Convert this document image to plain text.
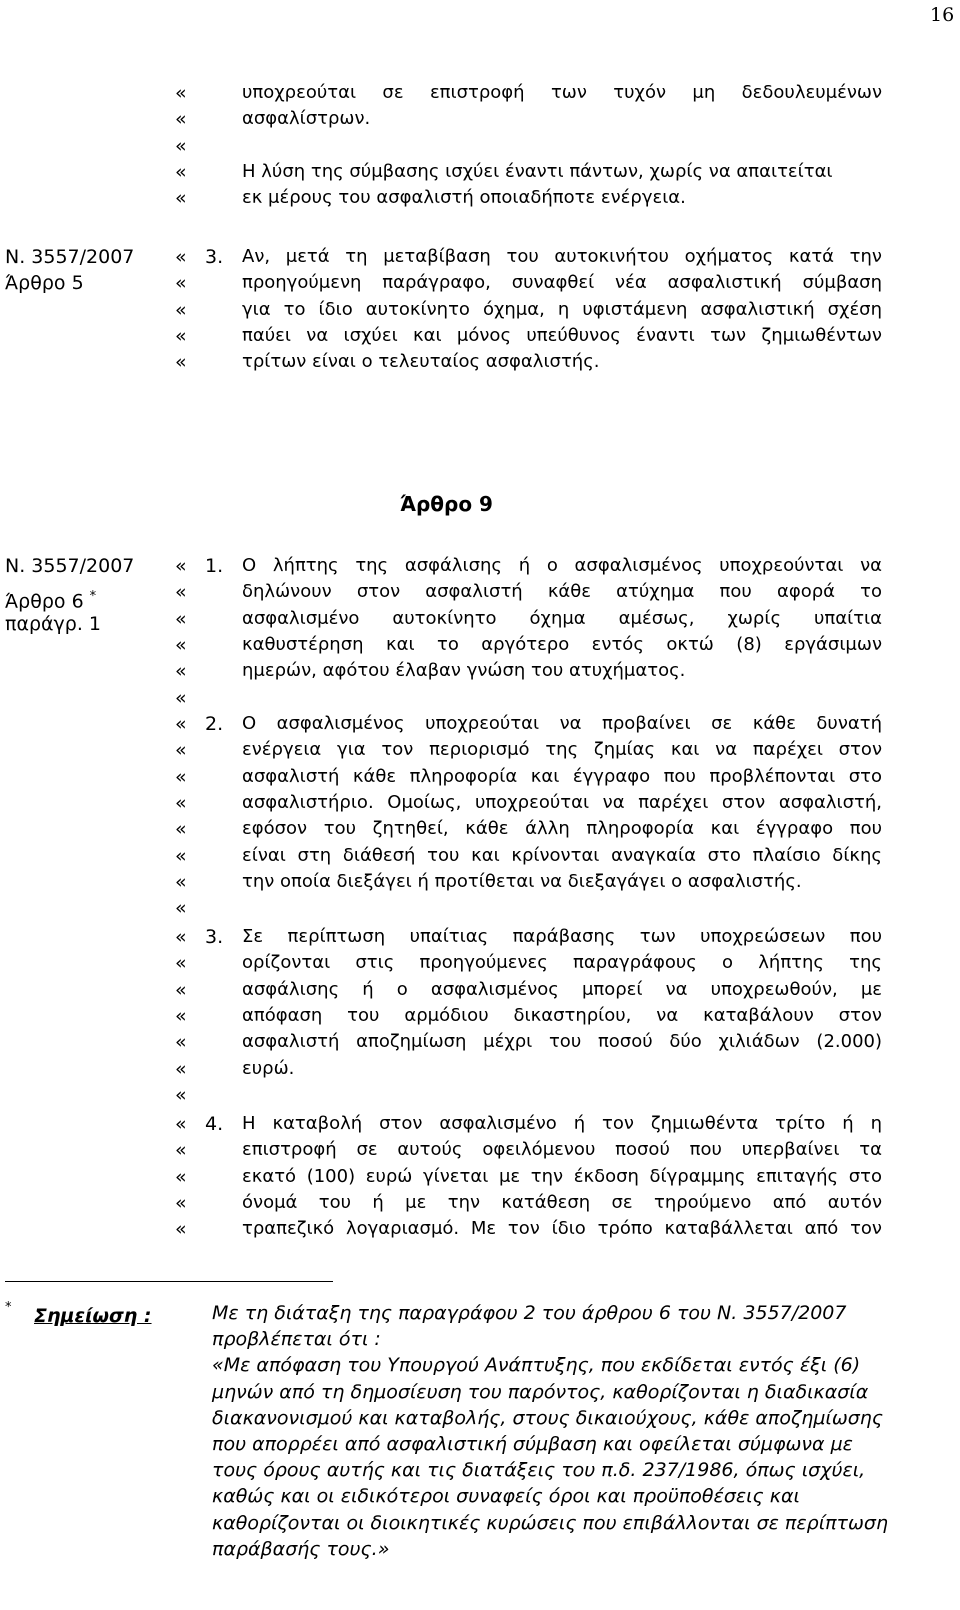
16
Ν. 3557/2007
Άρθρο 5
Άρθρο 9
Ν. 3557/2007
Άρθρο 6 *
παράγρ. 1
«	υποχρεούται σε επιστροφή των τυχόν μη δεδουλευμένων
«	ασφαλίστρων.
«
«	Η λύση της σύμβασης ισχύει έναντι πάντων, χωρίς να απαιτείται
«	εκ μέρους του ασφαλιστή οποιαδήποτε ενέργεια.
« 3. Αν, μετά τη μεταβίβαση του αυτοκινήτου οχήματος κατά την
«	προηγούμενη παράγραφο, συναφθεί νέα ασφαλιστική σύμβαση
«	για το ίδιο αυτοκίνητο όχημα, η υφιστάμενη ασφαλιστική σχέση
«	παύει να ισχύει και μόνος υπεύθυνος έναντι των ζημιωθέντων
«	τρίτων είναι ο τελευταίος ασφαλιστής.
« 1. Ο λήπτης της ασφάλισης ή ο ασφαλισμένος υποχρεούνται να
«	δηλώνουν στον ασφαλιστή κάθε ατύχημα που αφορά το
«	ασφαλισμένο αυτοκίνητο όχημα αμέσως, χωρίς υπαίτια
«	καθυστέρηση και το αργότερο εντός οκτώ (8) εργάσιμων
«	ημερών, αφότου έλαβαν γνώση του ατυχήματος.
«
« 2. Ο ασφαλισμένος υποχρεούται να προβαίνει σε κάθε δυνατή
«	ενέργεια για τον περιορισμό της ζημίας και να παρέχει στον
«	ασφαλιστή κάθε πληροφορία και έγγραφο που προβλέπονται στο
«	ασφαλιστήριο. Ομοίως, υποχρεούται να παρέχει στον ασφαλιστή,
«	εφόσον του ζητηθεί, κάθε άλλη πληροφορία και έγγραφο που
«	είναι στη διάθεσή του και κρίνονται αναγκαία στο πλαίσιο δίκης
«	την οποία διεξάγει ή προτίθεται να διεξαγάγει ο ασφαλιστής.
«
« 3. Σε περίπτωση υπαίτιας παράβασης των υποχρεώσεων που
«	ορίζονται στις προηγούμενες παραγράφους ο λήπτης της
«	ασφάλισης ή ο ασφαλισμένος μπορεί να υποχρεωθούν, με
«	απόφαση του αρμόδιου δικαστηρίου, να καταβάλουν στον
«	ασφαλιστή αποζημίωση μέχρι του ποσού δύο χιλιάδων (2.000)
«	ευρώ.
«
« 4. Η καταβολή στον ασφαλισμένο ή τον ζημιωθέντα τρίτο ή η
«	επιστροφή σε αυτούς οφειλόμενου ποσού που υπερβαίνει τα
«	εκατό (100) ευρώ γίνεται με την έκδοση δίγραμμης επιταγής στο
«	όνομά του ή με την κατάθεση σε τηρούμενο από αυτόν
«	τραπεζικό λογαριασμό. Με τον ίδιο τρόπο καταβάλλεται από τον
* Σημείωση :	Με τη διάταξη της παραγράφου 2 του άρθρου 6 του Ν. 3557/2007
προβλέπεται ότι :
«Με απόφαση του Υπουργού Ανάπτυξης, που εκδίδεται εντός έξι (6)
μηνών από τη δημοσίευση του παρόντος, καθορίζονται η διαδικασία
διακανονισμού και καταβολής, στους δικαιούχους, κάθε αποζημίωσης
που απορρέει από ασφαλιστική σύμβαση και οφείλεται σύμφωνα με
τους όρους αυτής και τις διατάξεις του π.δ. 237/1986, όπως ισχύει,
καθώς και οι ειδικότεροι συναφείς όροι και προϋποθέσεις και
καθορίζονται οι διοικητικές κυρώσεις που επιβάλλονται σε περίπτωση
παράβασής τους.»
